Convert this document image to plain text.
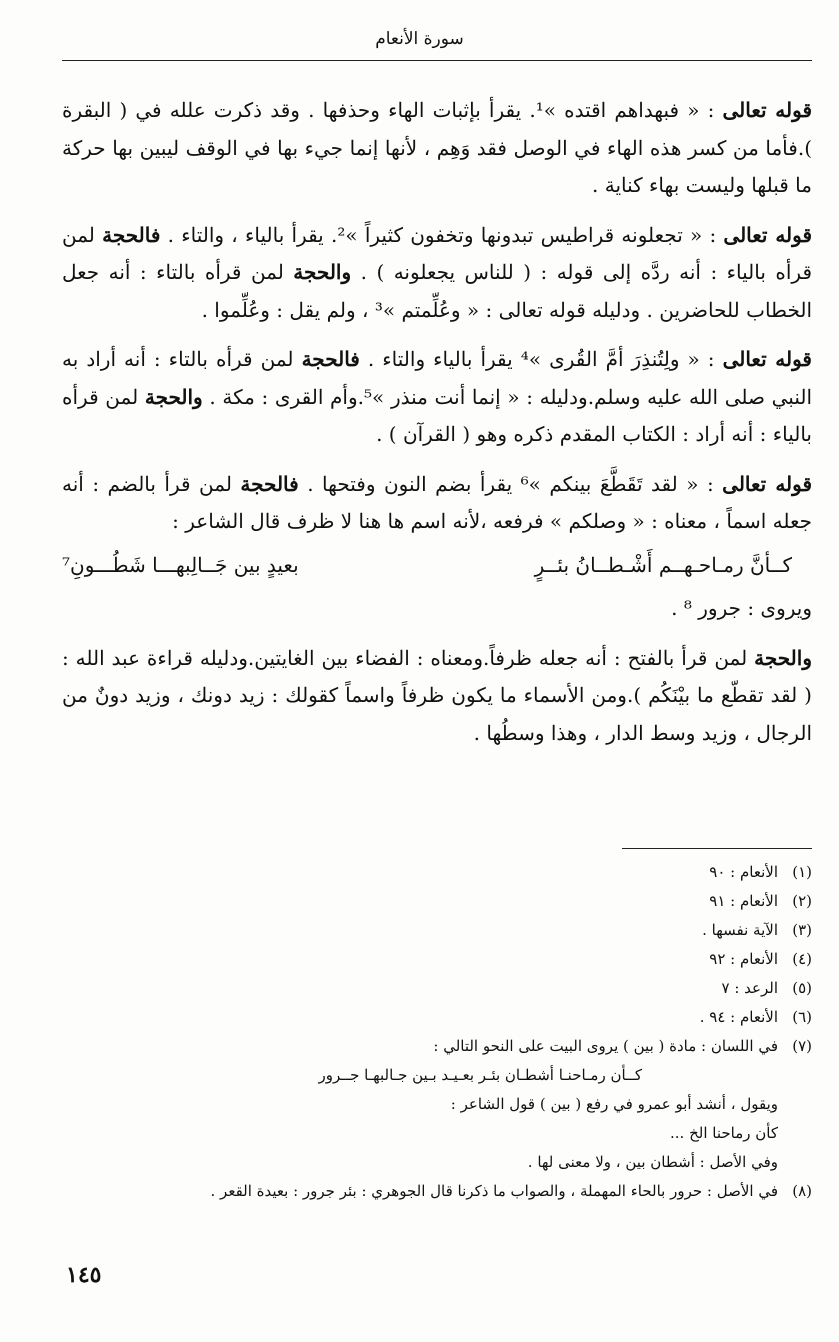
سورة الأنعام

قوله تعالى : « فبهداهم اقتده »¹. يقرأ بإثبات الهاء وحذفها . وقد ذكرت علله في ( البقرة ).فأما من كسر هذه الهاء في الوصل فقد وَهِم ، لأنها إنما جيء بها في الوقف ليبين بها حركة ما قبلها وليست بهاء كناية .

قوله تعالى : « تجعلونه قراطيس تبدونها وتخفون كثيراً »². يقرأ بالياء ، والتاء . فالحجة لمن قرأه بالياء : أنه ردَّه إلى قوله : ( للناس يجعلونه ) . والحجة لمن قرأه بالتاء : أنه جعل الخطاب للحاضرين . ودليله قوله تعالى : « وعُلِّمتم »³ ، ولم يقل : وعُلِّموا .

قوله تعالى : « ولِتُنذِرَ أمَّ القُرى »⁴ يقرأ بالياء والتاء . فالحجة لمن قرأه بالتاء : أنه أراد به النبي صلى الله عليه وسلم.ودليله : « إنما أنت منذر »⁵.وأم القرى : مكة . والحجة لمن قرأه بالياء : أنه أراد : الكتاب المقدم ذكره وهو ( القرآن ) .

قوله تعالى : « لقد تَقَطَّعَ بينكم »⁶ يقرأ بضم النون وفتحها . فالحجة لمن قرأ بالضم : أنه جعله اسماً ، معناه : « وصلكم » فرفعه ،لأنه اسم ها هنا لا ظرف قال الشاعر :

كــأنَّ رمـاحـهــم أَشْـطــانُ بئــرٍ
بعيدٍ بين جَــالِبهـــا شَطُـــونِ⁷

ويروى : جرور ⁸ .

والحجة لمن قرأ بالفتح : أنه جعله ظرفاً.ومعناه : الفضاء بين الغايتين.ودليله قراءة عبد الله : ( لقد تقطّع ما بيْنَكُم ).ومن الأسماء ما يكون ظرفاً واسماً كقولك : زيد دونك ، وزيد دونٌ من الرجال ، وزيد وسط الدار ، وهذا وسطُها .

(١)
الأنعام : ٩٠
(٢)
الأنعام : ٩١
(٣)
الآية نفسها .
(٤)
الأنعام : ٩٢
(٥)
الرعد : ٧
(٦)
الأنعام : ٩٤ .
(٧)
في اللسان : مادة ( بين ) يروى البيت على النحو التالي :
كــأن رمـاحنـا أشطـان بئـر بعـيـد بـين جـالبهـا جــرور
ويقول ، أنشد أبو عمرو في رفع ( بين ) قول الشاعر :
كأن رماحنا الخ ...
وفي الأصل : أشطان بين ، ولا معنى لها .
(٨)
في الأصل : حرور بالحاء المهملة ، والصواب ما ذكرنا قال الجوهري : بئر جرور : بعيدة القعر .
١٤٥
